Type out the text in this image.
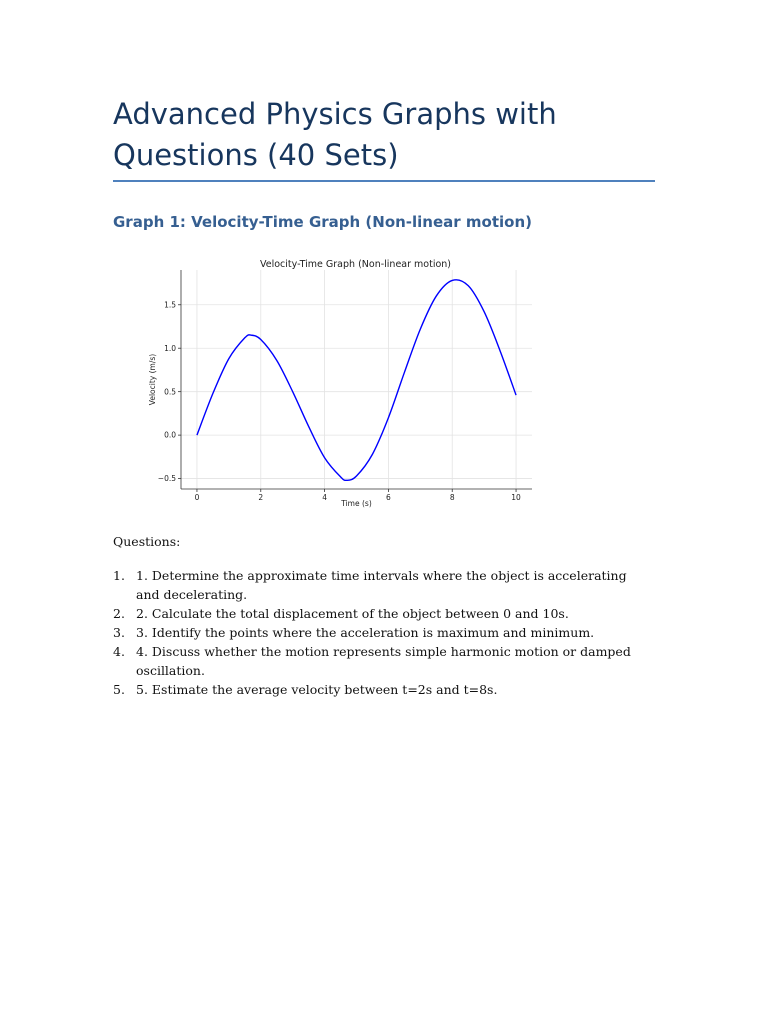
Advanced Physics Graphs with Questions (40 Sets)
Graph 1: Velocity-Time Graph (Non-linear motion)
0	2	4	6	8	10
−0.5
0.0
0.5
1.0
1.5
Velocity-Time Graph (Non-linear motion)
Time (s)
Velocity (m/s)
Questions:
1. 1. Determine the approximate time intervals where the object is accelerating and decelerating.
2. 2. Calculate the total displacement of the object between 0 and 10s.
3. 3. Identify the points where the acceleration is maximum and minimum.
4. 4. Discuss whether the motion represents simple harmonic motion or damped oscillation.
5. 5. Estimate the average velocity between t=2s and t=8s.
